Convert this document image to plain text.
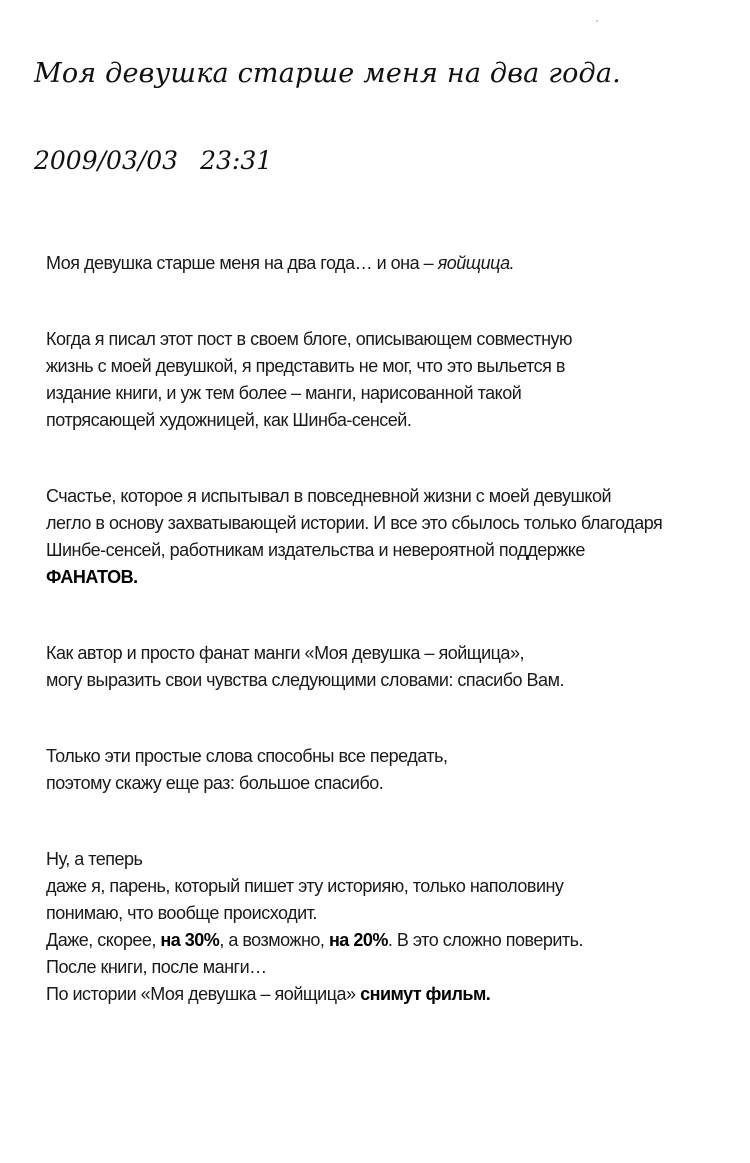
Моя девушка старше меня на два года.
2009/03/03 23:31
Моя девушка старше меня на два года… и она – яойщица.
Когда я писал этот пост в своем блоге, описывающем совместную
жизнь с моей девушкой, я представить не мог, что это выльется в
издание книги, и уж тем более – манги, нарисованной такой
потрясающей художницей, как Шинба-сенсей.
Счастье, которое я испытывал в повседневной жизни с моей девушкой
легло в основу захватывающей истории. И все это сбылось только благодаря
Шинбе-сенсей, работникам издательства и невероятной поддержке
ФАНАТОВ.
Как автор и просто фанат манги «Моя девушка – яойщица»,
могу выразить свои чувства следующими словами: спасибо Вам.
Только эти простые слова способны все передать,
поэтому скажу еще раз: большое спасибо.
Ну, а теперь
даже я, парень, который пишет эту историяю, только наполовину
понимаю, что вообще происходит.
Даже, скорее, на 30%, а возможно, на 20%. В это сложно поверить.
После книги, после манги…
По истории «Моя девушка – яойщица» снимут фильм.
